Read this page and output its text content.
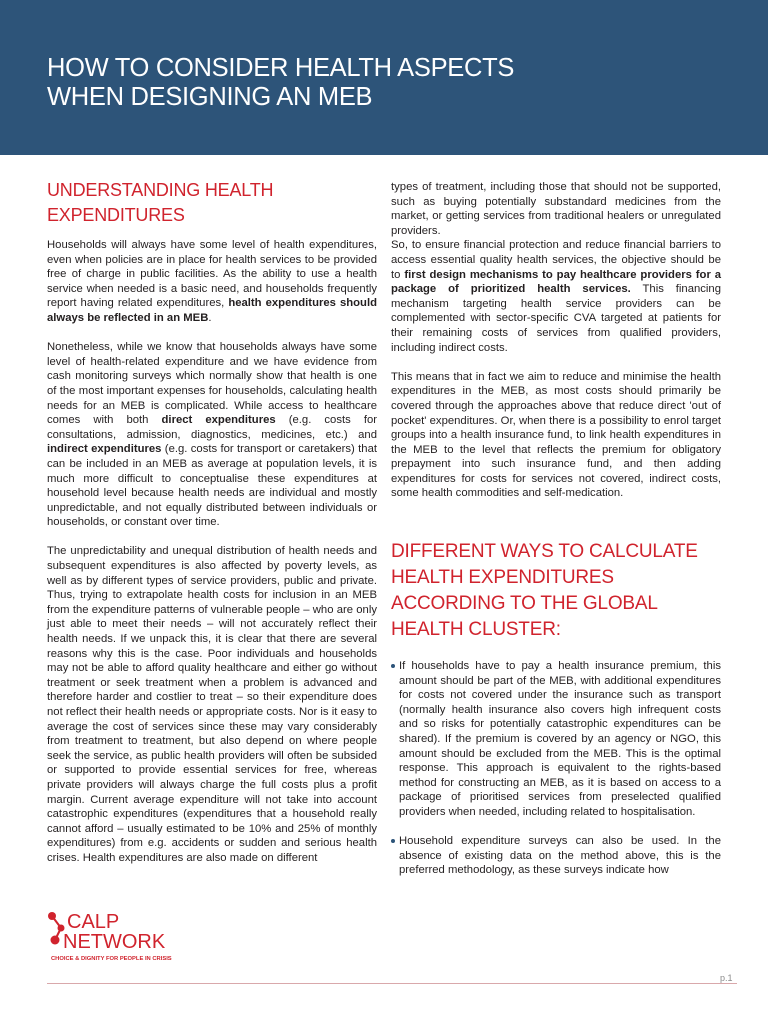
HOW TO CONSIDER HEALTH ASPECTS
WHEN DESIGNING AN MEB
UNDERSTANDING HEALTH
EXPENDITURES

Households will always have some level of health expenditures, even when policies are in place for health services to be provided free of charge in public facilities. As the ability to use a health service when needed is a basic need, and households frequently report having related expenditures, health expenditures should always be reflected in an MEB.

Nonetheless, while we know that households always have some level of health-related expenditure and we have evidence from cash monitoring surveys which normally show that health is one of the most important expenses for households, calculating health needs for an MEB is complicated. While access to healthcare comes with both direct expenditures (e.g. costs for consultations, admission, diagnostics, medicines, etc.) and indirect expenditures (e.g. costs for transport or caretakers) that can be included in an MEB as average at population levels, it is much more difficult to conceptualise these expenditures at household level because health needs are individual and mostly unpredictable, and not equally distributed between individuals or households, or constant over time.

The unpredictability and unequal distribution of health needs and subsequent expenditures is also affected by poverty levels, as well as by different types of service providers, public and private. Thus, trying to extrapolate health costs for inclusion in an MEB from the expenditure patterns of vulnerable people – who are only just able to meet their needs – will not accurately reflect their health needs. If we unpack this, it is clear that there are several reasons why this is the case. Poor individuals and households may not be able to afford quality healthcare and either go without treatment or seek treatment when a problem is advanced and therefore harder and costlier to treat – so their expenditure does not reflect their health needs or appropriate costs. Nor is it easy to average the cost of services since these may vary considerably from treatment to treatment, but also depend on where people seek the service, as public health providers will often be subsided or supported to provide essential services for free, whereas private providers will always charge the full costs plus a profit margin. Current average expenditure will not take into account catastrophic expenditures (expenditures that a household really cannot afford – usually estimated to be 10% and 25% of monthly expenditures) from e.g. accidents or sudden and serious health crises. Health expenditures are also made on different

types of treatment, including those that should not be supported, such as buying potentially substandard medicines from the market, or getting services from traditional healers or unregulated providers.

So, to ensure financial protection and reduce financial barriers to access essential quality health services, the objective should be to first design mechanisms to pay healthcare providers for a package of prioritized health services. This financing mechanism targeting health service providers can be complemented with sector-specific CVA targeted at patients for their remaining costs of services from qualified providers, including indirect costs.

This means that in fact we aim to reduce and minimise the health expenditures in the MEB, as most costs should primarily be covered through the approaches above that reduce direct 'out of pocket' expenditures. Or, when there is a possibility to enrol target groups into a health insurance fund, to link health expenditures in the MEB to the level that reflects the premium for obligatory prepayment into such insurance fund, and then adding expenditures for costs for services not covered, indirect costs, some health commodities and self-medication.

DIFFERENT WAYS TO CALCULATE
HEALTH EXPENDITURES
ACCORDING TO THE GLOBAL
HEALTH CLUSTER:

If households have to pay a health insurance premium, this amount should be part of the MEB, with additional expenditures for costs not covered under the insurance such as transport (normally health insurance also covers high infrequent costs and so risks for potentially catastrophic expenditures can be shared). If the premium is covered by an agency or NGO, this amount should be excluded from the MEB. This is the optimal response. This approach is equivalent to the rights-based method for constructing an MEB, as it is based on access to a package of prioritised services from preselected qualified providers when needed, including related to hospitalisation.

Household expenditure surveys can also be used. In the absence of existing data on the method above, this is the preferred methodology, as these surveys indicate how

CALP
NETWORK
CHOICE & DIGNITY FOR PEOPLE IN CRISIS
p.1
